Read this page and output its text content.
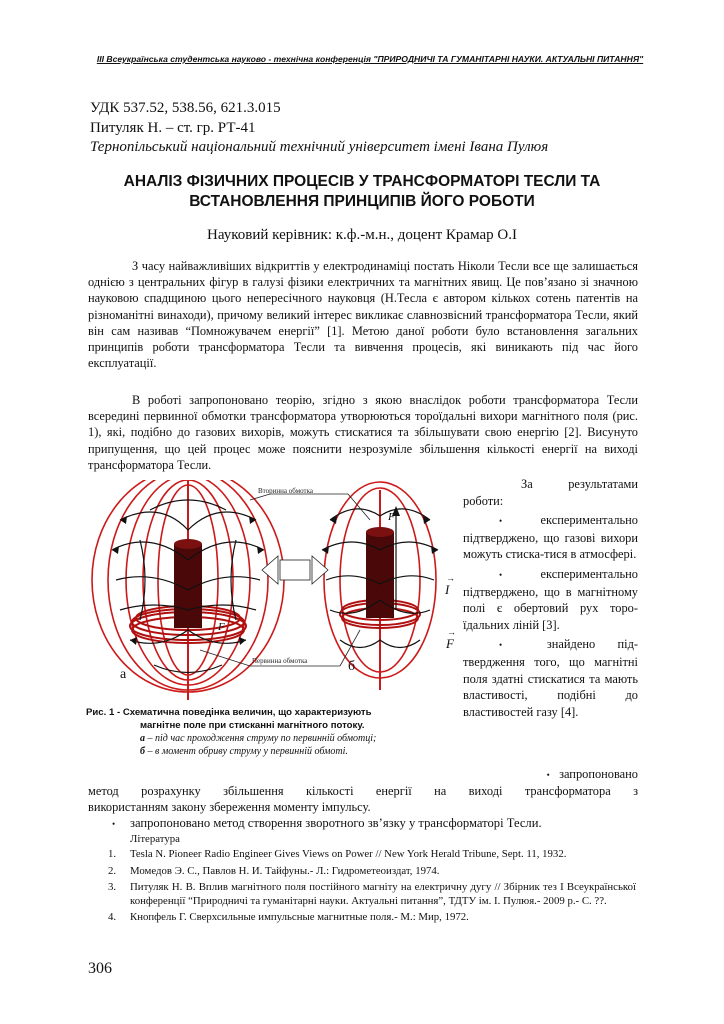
III Всеукраїнська студентська науково - технічна конференція "ПРИРОДНИЧІ ТА ГУМАНІТАРНІ НАУКИ. АКТУАЛЬНІ ПИТАННЯ"
УДК 537.52, 538.56, 621.3.015
Питуляк Н. – ст. гр. РТ-41
Тернопільський національний технічний університет імені Івана Пулюя
АНАЛІЗ ФІЗИЧНИХ ПРОЦЕСІВ У ТРАНСФОРМАТОРІ ТЕСЛИ ТА ВСТАНОВЛЕННЯ ПРИНЦИПІВ ЙОГО РОБОТИ
Науковий керівник: к.ф.-м.н., доцент Крамар О.І

З часу найважливіших відкриттів у електродинаміці постать Ніколи Тесли все ще залишається однією з центральних фігур в галузі фізики електричних та магнітних явищ. Це пов’язано зі значною науковою спадщиною цього непересічного науковця (Н.Тесла є автором кількох сотень патентів на різноманітні винаходи), причому великий інтерес викликає славнозвісний трансформатора Тесли, який він сам називав “Помножувачем енергії” [1]. Метою даної роботи було встановлення загальних принципів роботи трансформатора Тесли та вивчення процесів, які виникають під час його експлуатації.

В роботі запропоновано теорію, згідно з якою внаслідок роботи трансформатора Тесли всередині первинної обмотки трансформатора утворюються тороїдальні вихори магнітного поля (рис. 1), які, подібно до газових вихорів, можуть стискатися та збільшувати свою енергію [2]. Висунуто припущення, що цей процес може пояснити незрозуміле збільшення кількості енергії на виході трансформатора Тесли.

F
F
Вторинна обмотка
Первинна обмотка
а
б
→
I
→
F
Рис. 1 - Схематична поведінка величин, що характеризують
магнітне поле при стисканні магнітного потоку.
а – під час проходження струму по первинній обмотці;
б – в момент обриву струму у первинній обмоті.

За результатами роботи:

•	експериментально підтверджено, що газові вихори можуть стиска-тися в атмосфері.

•	експериментально підтверджено, що в магнітному полі є обертовий рух торо-їдальних ліній [3].

•	знайдено під-твердження того, що магнітні поля здатні стискатися та мають властивості, подібні до властивостей газу [4].

• запропоновано
метод розрахунку збільшення кількості енергії на виході трансформатора з
використанням закону збереження моменту імпульсу.
• запропоновано метод створення зворотного зв’язку у трансформаторі Тесли.
Література
1.	Tesla N. Pioneer Radio Engineer Gives Views on Power // New York Herald Tribune, Sept. 11, 1932.
2.	Момедов Э. С., Павлов Н. И. Тайфуны.- Л.: Гидрометеоиздат, 1974.
3.	Питуляк Н. В. Вплив магнітного поля постійного магніту на електричну дугу // Збірник тез І Всеукраїнської конференції “Природничі та гуманітарні науки. Актуальні питання”, ТДТУ ім. І. Пулюя.- 2009 р.- С. ??.
4.	Кнопфель Г. Сверхсильные импульсные магнитные поля.- М.: Мир, 1972.
306
